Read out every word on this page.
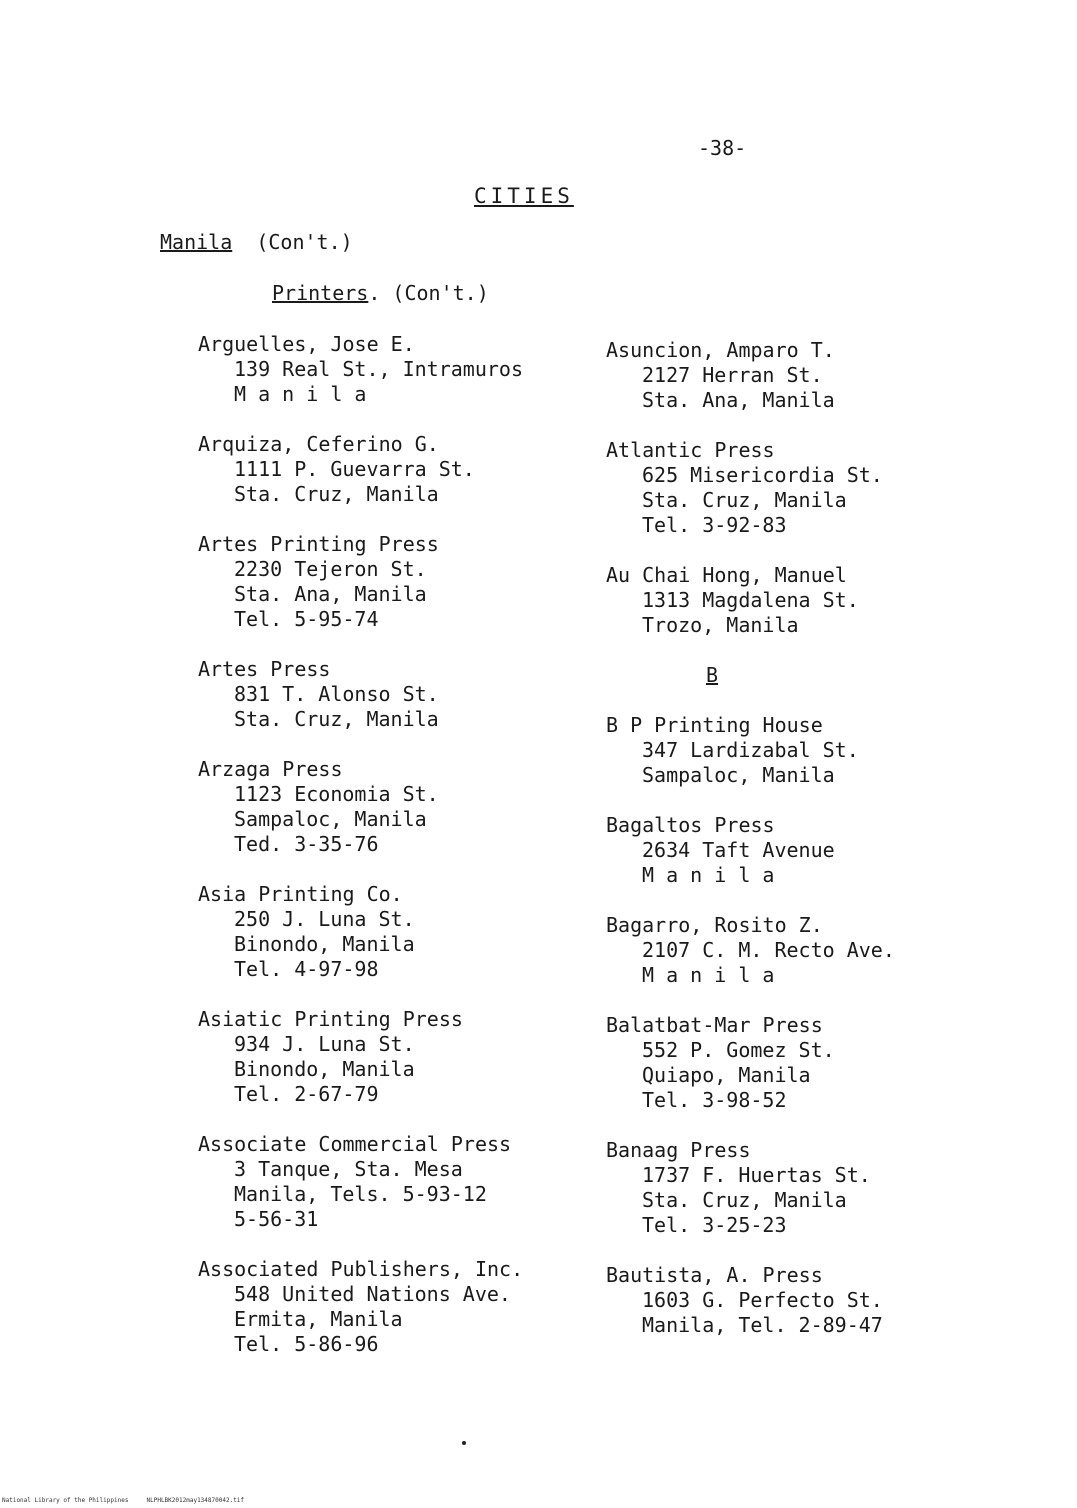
-38-
CITIES
Manila (Con't.)
Printers. (Con't.)
Arguelles, Jose E.
139 Real St., Intramuros
M a n i l a
Arquiza, Ceferino G.
1111 P. Guevarra St.
Sta. Cruz, Manila
Artes Printing Press
2230 Tejeron St.
Sta. Ana, Manila
Tel. 5-95-74
Artes Press
831 T. Alonso St.
Sta. Cruz, Manila
Arzaga Press
1123 Economia St.
Sampaloc, Manila
Ted. 3-35-76
Asia Printing Co.
250 J. Luna St.
Binondo, Manila
Tel. 4-97-98
Asiatic Printing Press
934 J. Luna St.
Binondo, Manila
Tel. 2-67-79
Associate Commercial Press
3 Tanque, Sta. Mesa
Manila, Tels. 5-93-12
5-56-31
Associated Publishers, Inc.
548 United Nations Ave.
Ermita, Manila
Tel. 5-86-96
Asuncion, Amparo T.
2127 Herran St.
Sta. Ana, Manila
Atlantic Press
625 Misericordia St.
Sta. Cruz, Manila
Tel. 3-92-83
Au Chai Hong, Manuel
1313 Magdalena St.
Trozo, Manila
B
B P Printing House
347 Lardizabal St.
Sampaloc, Manila
Bagaltos Press
2634 Taft Avenue
M a n i l a
Bagarro, Rosito Z.
2107 C. M. Recto Ave.
M a n i l a
Balatbat-Mar Press
552 P. Gomez St.
Quiapo, Manila
Tel. 3-98-52
Banaag Press
1737 F. Huertas St.
Sta. Cruz, Manila
Tel. 3-25-23
Bautista, A. Press
1603 G. Perfecto St.
Manila, Tel. 2-89-47
National Library of the Philippines     NLPHLBK2012may134870042.tif
